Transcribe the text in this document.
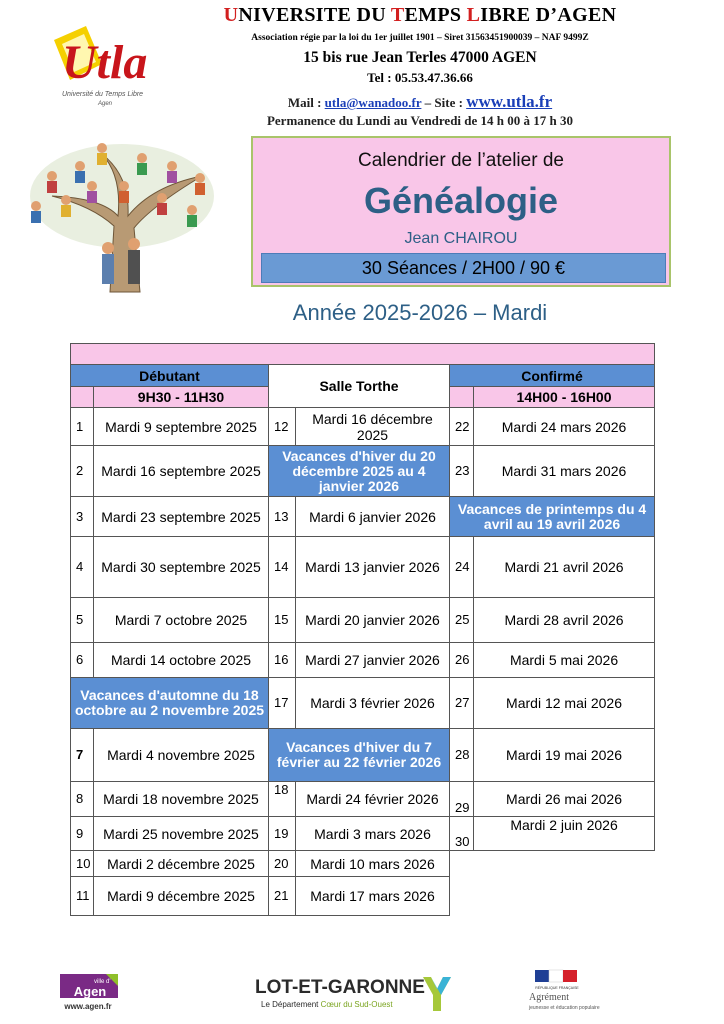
UNIVERSITE DU TEMPS LIBRE D’AGEN
Association régie par la loi du 1er juillet 1901 – Siret 31563451900039 – NAF 9499Z
15 bis rue Jean Terles 47000 AGEN
Tel : 05.53.47.36.66
Mail : utla@wanadoo.fr – Site : www.utla.fr
Permanence du Lundi au Vendredi de 14 h 00 à 17 h 30
Utla
Université du Temps Libre
Agen
Calendrier de l’atelier de
Généalogie
Jean CHAIROU
30 Séances / 2H00 / 90 €
Année 2025-2026 – Mardi

Débutant		Salle Torthe		Confirmé	
	9H30 - 11H30				14H00 - 16H00
1	Mardi 9 septembre 2025	12	Mardi 16 décembre 2025	22	Mardi 24 mars 2026
2	Mardi 16 septembre 2025	Vacances d'hiver du 20 décembre 2025 au 4 janvier 2026		23	Mardi 31 mars 2026
3	Mardi 23 septembre 2025	13	Mardi 6 janvier 2026	Vacances de printemps du 4 avril au 19 avril 2026	
4	Mardi 30 septembre 2025	14	Mardi 13 janvier 2026	24	Mardi 21 avril 2026
5	Mardi 7 octobre 2025	15	Mardi 20 janvier 2026	25	Mardi 28 avril 2026
6	Mardi 14 octobre 2025	16	Mardi 27 janvier 2026	26	Mardi 5 mai 2026
Vacances d'automne du 18 octobre au 2 novembre 2025		17	Mardi 3 février 2026	27	Mardi 12 mai 2026
7	Mardi 4 novembre 2025	Vacances d'hiver du 7 février au 22 février 2026		28	Mardi 19 mai 2026
8	Mardi 18 novembre 2025	18	Mardi 24 février 2026	29	Mardi 26 mai 2026
9	Mardi 25 novembre 2025	19	Mardi 3 mars 2026	30	Mardi 2 juin 2026
10	Mardi 2 décembre 2025	20	Mardi 10 mars 2026		
11	Mardi 9 décembre 2025	21	Mardi 17 mars 2026		
ville d'
Agen
www.agen.fr
LOT-ET-GARONNE
Le Département Cœur du Sud-Ouest
RÉPUBLIQUE FRANÇAISE
Agrément
jeunesse et éducation populaire
